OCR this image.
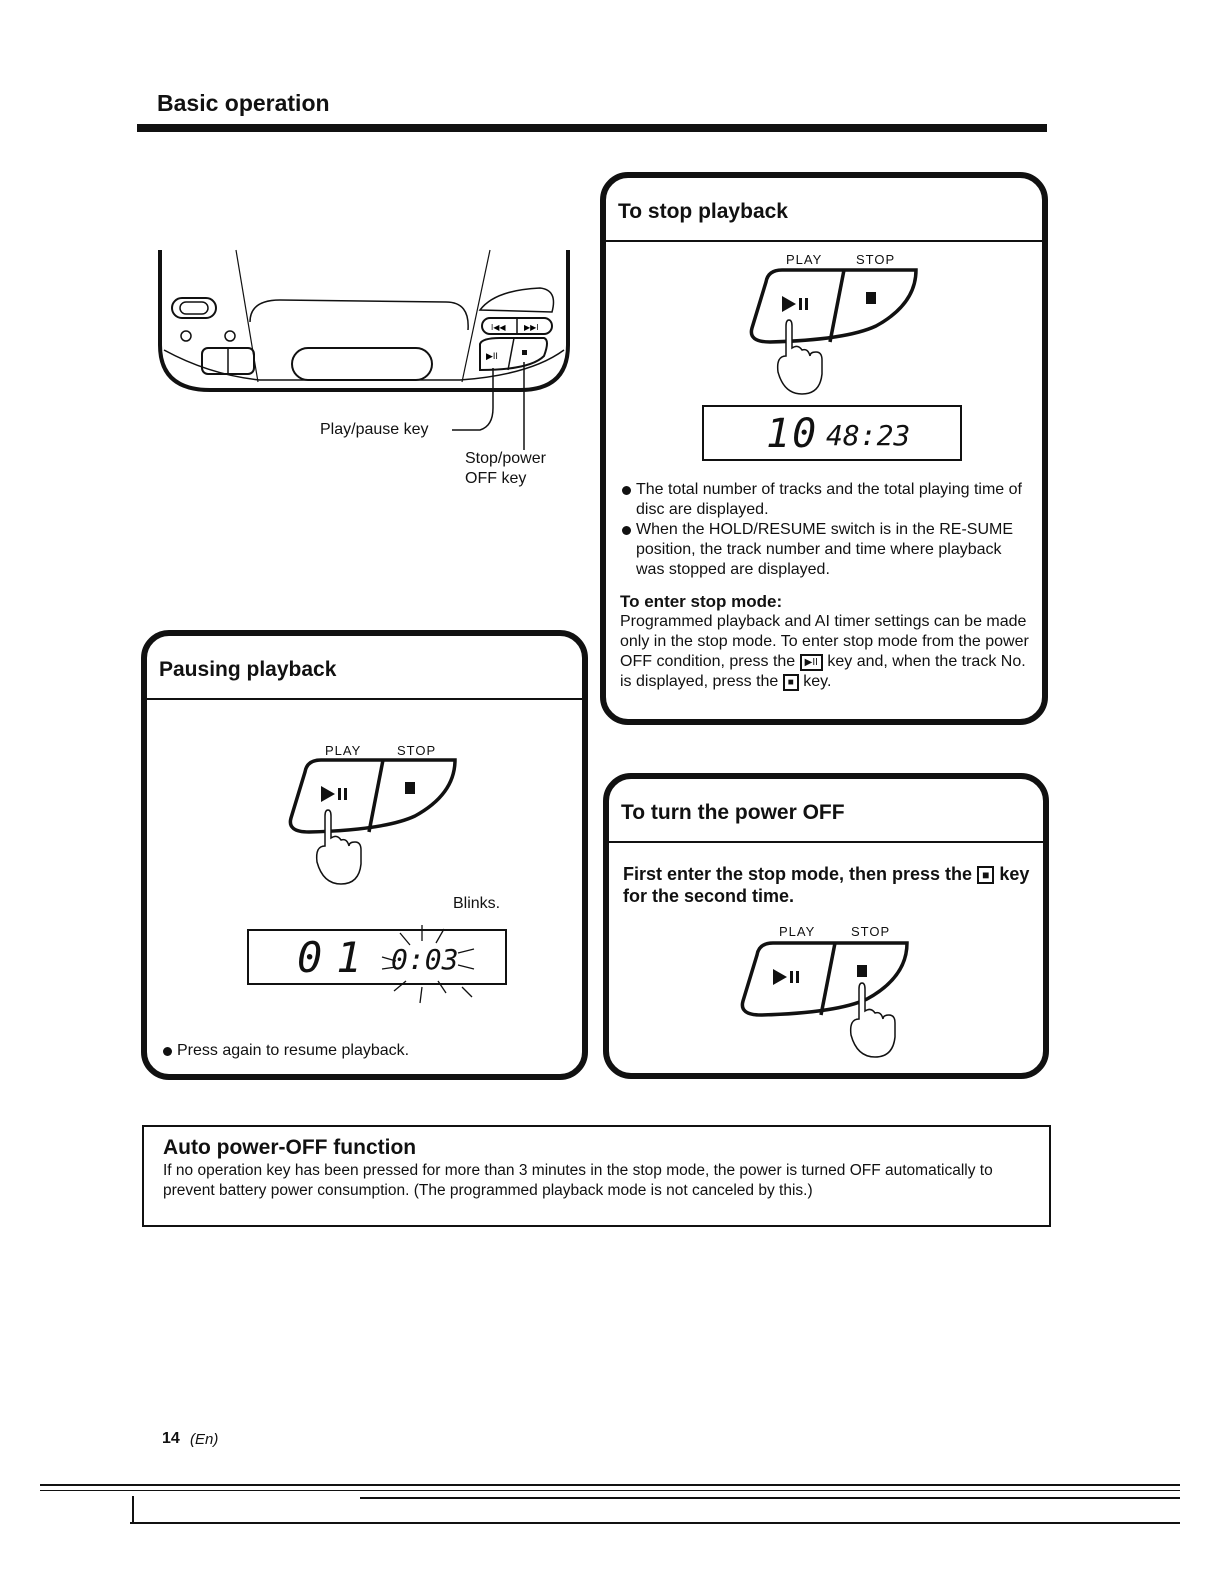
Basic operation
I◀◀ ▶▶I
▶II
Play/pause key
Stop/power
OFF key
To stop playback
PLAY	STOP
10 48:23
The total number of tracks and the total playing time of disc are displayed.
When the HOLD/RESUME switch is in the RE-SUME position, the track number and time where playback was stopped are displayed.
To enter stop mode:
Programmed playback and AI timer settings can be made only in the stop mode. To enter stop mode from the power OFF condition, press the ▶II key and, when the track No. is displayed, press the ■ key.
Pausing playback
PLAY	STOP
Blinks.
01 0:03
Press again to resume playback.
To turn the power OFF
First enter the stop mode, then press the ■ key for the second time.
PLAY	STOP
Auto power-OFF function
If no operation key has been pressed for more than 3 minutes in the stop mode, the power is turned OFF automatically to prevent battery power consumption. (The programmed playback mode is not canceled by this.)
14 (En)
